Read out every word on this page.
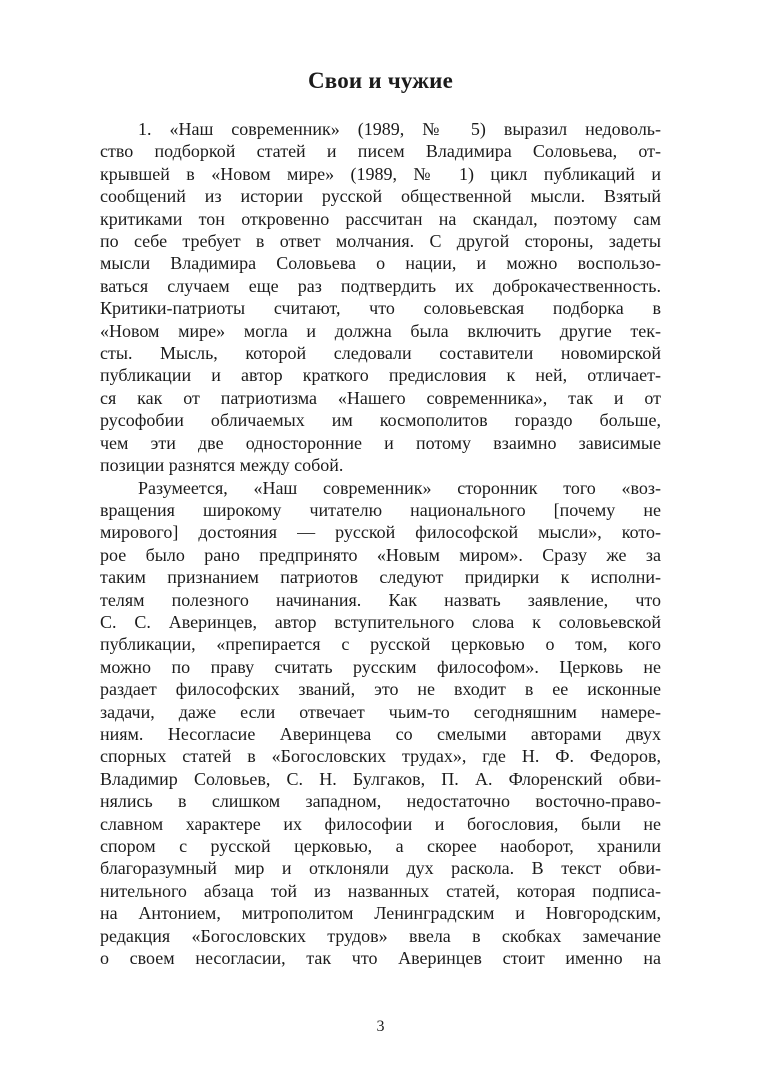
Свои и чужие
1. «Наш современник» (1989, № 5) выразил недоволь-
ство подборкой статей и писем Владимира Соловьева, от-
крывшей в «Новом мире» (1989, № 1) цикл публикаций и
сообщений из истории русской общественной мысли. Взятый
критиками тон откровенно рассчитан на скандал, поэтому сам
по себе требует в ответ молчания. С другой стороны, задеты
мысли Владимира Соловьева о нации, и можно воспользо-
ваться случаем еще раз подтвердить их доброкачественность.
Критики-патриоты считают, что соловьевская подборка в
«Новом мире» могла и должна была включить другие тек-
сты. Мысль, которой следовали составители новомирской
публикации и автор краткого предисловия к ней, отличает-
ся как от патриотизма «Нашего современника», так и от
русофобии обличаемых им космополитов гораздо больше,
чем эти две односторонние и потому взаимно зависимые
позиции разнятся между собой.
Разумеется, «Наш современник» сторонник того «воз-
вращения широкому читателю национального [почему не
мирового] достояния — русской философской мысли», кото-
рое было рано предпринято «Новым миром». Сразу же за
таким признанием патриотов следуют придирки к исполни-
телям полезного начинания. Как назвать заявление, что
С. С. Аверинцев, автор вступительного слова к соловьевской
публикации, «препирается с русской церковью о том, кого
можно по праву считать русским философом». Церковь не
раздает философских званий, это не входит в ее исконные
задачи, даже если отвечает чьим-то сегодняшним намере-
ниям. Несогласие Аверинцева со смелыми авторами двух
спорных статей в «Богословских трудах», где Н. Ф. Федоров,
Владимир Соловьев, С. Н. Булгаков, П. А. Флоренский обви-
нялись в слишком западном, недостаточно восточно-право-
славном характере их философии и богословия, были не
спором с русской церковью, а скорее наоборот, хранили
благоразумный мир и отклоняли дух раскола. В текст обви-
нительного абзаца той из названных статей, которая подписа-
на Антонием, митрополитом Ленинградским и Новгородским,
редакция «Богословских трудов» ввела в скобках замечание
о своем несогласии, так что Аверинцев стоит именно на
3
